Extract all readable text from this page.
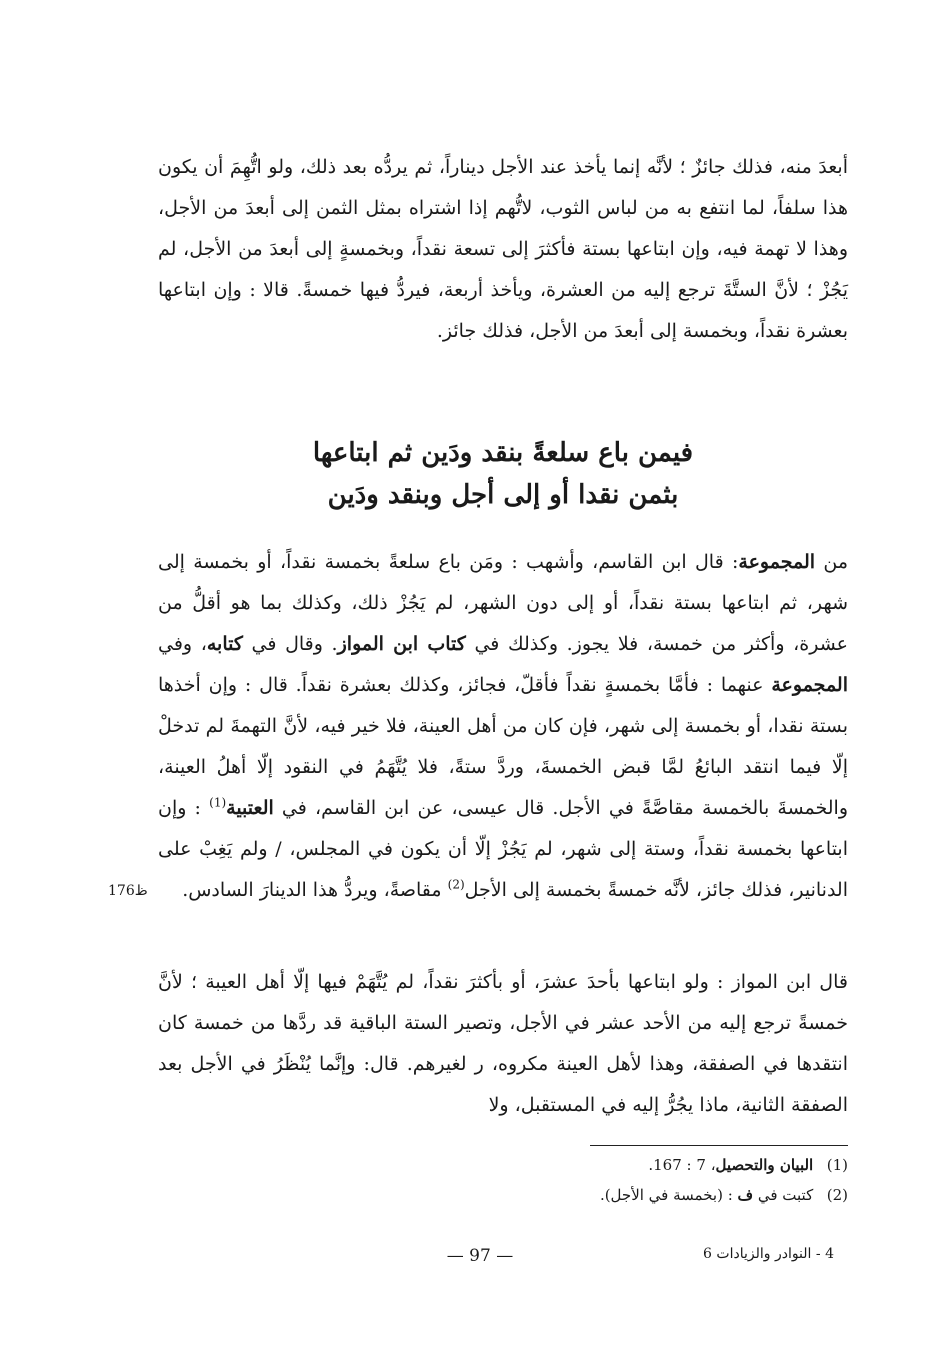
أبعدَ منه، فذلك جائزٌ ؛ لأنَّه إنما يأخذ عند الأجل ديناراً، ثم يردُّه بعد ذلك، ولو اتُّهِمَ أن يكون هذا سلفاً، لما انتفع به من لباس الثوب، لاتُّهم إذا اشتراه بمثل الثمن إلى أبعدَ من الأجل، وهذا لا تهمة فيه، وإن ابتاعها بستة فأكثرَ إلى تسعة نقداً، وبخمسةٍ إلى أبعدَ من الأجل، لم يَجُزْ ؛ لأنَّ الستَّةَ ترجع إليه من العشرة، ويأخذ أربعة، فيردُّ فيها خمسةً. قالا : وإن ابتاعها بعشرة نقداً، وبخمسة إلى أبعدَ من الأجل، فذلك جائز.

فيمن باع سلعةً بنقد ودَين ثم ابتاعها
بثمن نقدا أو إلى أجل وبنقد ودَين

من المجموعة: قال ابن القاسم، وأشهب : ومَن باع سلعةً بخمسة نقداً، أو بخمسة إلى شهر، ثم ابتاعها بستة نقداً، أو إلى دون الشهر، لم يَجُزْ ذلك، وكذلك بما هو أقلُّ من عشرة، وأكثر من خمسة، فلا يجوز. وكذلك في كتاب ابن المواز. وقال في كتابه، وفي المجموعة عنهما : فأمَّا بخمسةٍ نقداً فأقلّ، فجائز، وكذلك بعشرة نقداً. قال : وإن أخذها بستة نقدا، أو بخمسة إلى شهر، فإن كان من أهل العينة، فلا خير فيه، لأنَّ التهمةَ لم تدخلْ إلّا فيما انتقد البائعُ لمَّا قبض الخمسةَ، وردَّ ستةً، فلا يُتَّهَمُ في النقود إلّا أهلُ العينة، والخمسةَ بالخمسة مقاصَّةً في الأجل. قال عيسى، عن ابن القاسم، في العتبية$^{(1)}$ : وإن ابتاعها بخمسة نقداً، وستة إلى شهر، لم يَجُزْ إلّا أن يكون في المجلس، / ولم يَغِبْ على الدنانير، فذلك جائز، لأنَّه خمسةً بخمسة إلى الأجل$^{(2)}$ مقاصةً، ويردُّ هذا الدينارَ السادس.

176ظ

قال ابن المواز : ولو ابتاعها بأحدَ عشرَ، أو بأكثرَ نقداً، لم يُتَّهَمْ فيها إلّا أهل العيبة ؛ لأنَّ خمسةً ترجع إليه من الأحد عشر في الأجل، وتصير الستة الباقية قد ردَّها من خمسة كان انتقدها في الصفقة، وهذا لأهل العينة مكروه، ر لغيرهم. قال: وإنَّما يُنْظَرُ في الأجل بعد الصفقة الثانية، ماذا يجُرُّ إليه في المستقبل، ولا

(1) البيان والتحصيل، 7 : 167.
(2) كتبت في ف : (بخمسة في الأجل).
— 97 —	4 - النوادر والزيادات 6
